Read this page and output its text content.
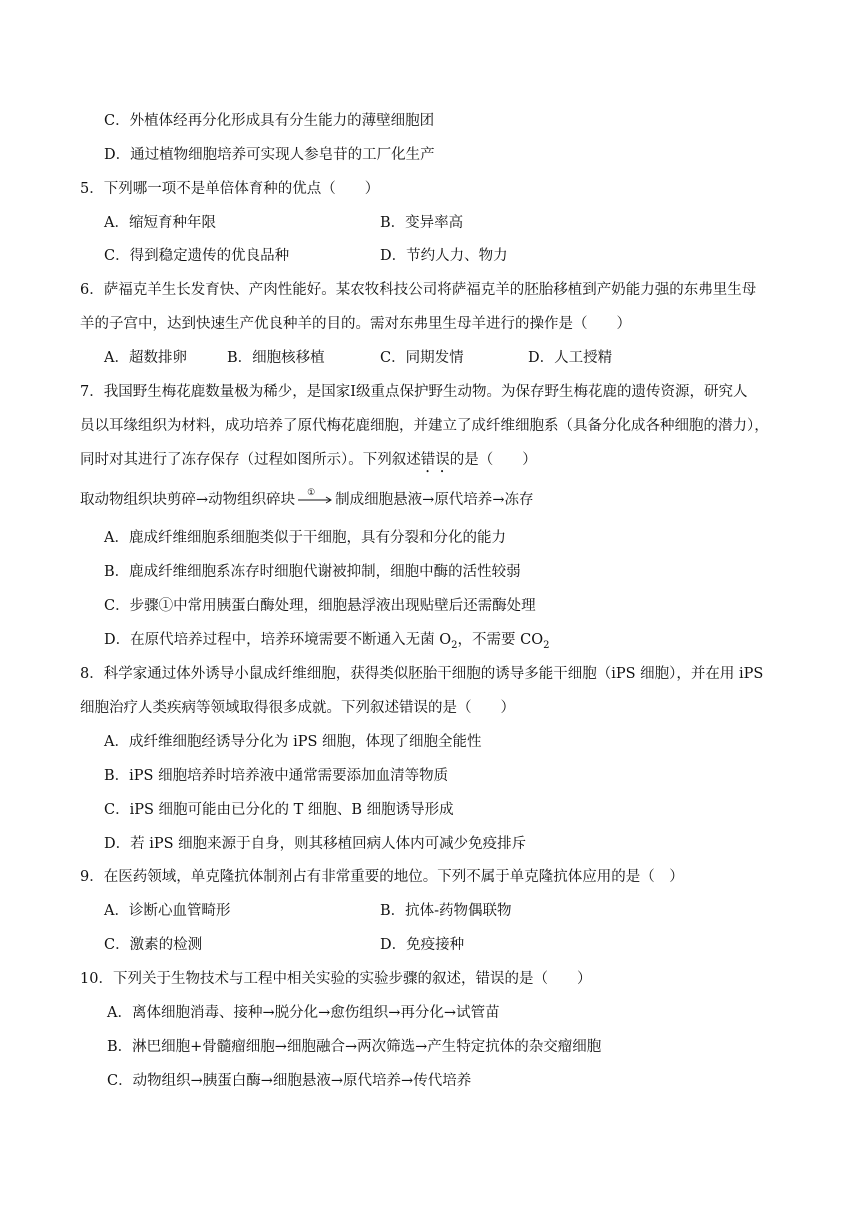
C．外植体经再分化形成具有分生能力的薄壁细胞团
D．通过植物细胞培养可实现人参皂苷的工厂化生产
5．下列哪一项不是单倍体育种的优点（　　）
A．缩短育种年限	B．变异率高
C．得到稳定遗传的优良品种	D．节约人力、物力
6．萨福克羊生长发育快、产肉性能好。某农牧科技公司将萨福克羊的胚胎移植到产奶能力强的东弗里生母
羊的子宫中，达到快速生产优良种羊的目的。需对东弗里生母羊进行的操作是（　　）
A．超数排卵	B．细胞核移植	C．同期发情	D．人工授精
7．我国野生梅花鹿数量极为稀少，是国家Ⅰ级重点保护野生动物。为保存野生梅花鹿的遗传资源，研究人
员以耳缘组织为材料，成功培养了原代梅花鹿细胞，并建立了成纤维细胞系（具备分化成各种细胞的潜力），
同时对其进行了冻存保存（过程如图所示）。下列叙述错误的是（　　）
取动物组织块剪碎→动物组织碎块 ① 制成细胞悬液→原代培养→冻存
A．鹿成纤维细胞系细胞类似于干细胞，具有分裂和分化的能力
B．鹿成纤维细胞系冻存时细胞代谢被抑制，细胞中酶的活性较弱
C．步骤①中常用胰蛋白酶处理，细胞悬浮液出现贴壁后还需酶处理
D．在原代培养过程中，培养环境需要不断通入无菌 $O_2$，不需要 $CO_2$
8．科学家通过体外诱导小鼠成纤维细胞，获得类似胚胎干细胞的诱导多能干细胞（iPS 细胞），并在用 iPS
细胞治疗人类疾病等领域取得很多成就。下列叙述错误的是（　　）
A．成纤维细胞经诱导分化为 iPS 细胞，体现了细胞全能性
B．iPS 细胞培养时培养液中通常需要添加血清等物质
C．iPS 细胞可能由已分化的 T 细胞、B 细胞诱导形成
D．若 iPS 细胞来源于自身，则其移植回病人体内可减少免疫排斥
9．在医药领域，单克隆抗体制剂占有非常重要的地位。下列不属于单克隆抗体应用的是（　）
A．诊断心血管畸形	B．抗体-药物偶联物
C．激素的检测	D．免疫接种
10．下列关于生物技术与工程中相关实验的实验步骤的叙述，错误的是（　　）
A．离体细胞消毒、接种→脱分化→愈伤组织→再分化→试管苗
B．淋巴细胞+骨髓瘤细胞→细胞融合→两次筛选→产生特定抗体的杂交瘤细胞
C．动物组织→胰蛋白酶→细胞悬液→原代培养→传代培养
